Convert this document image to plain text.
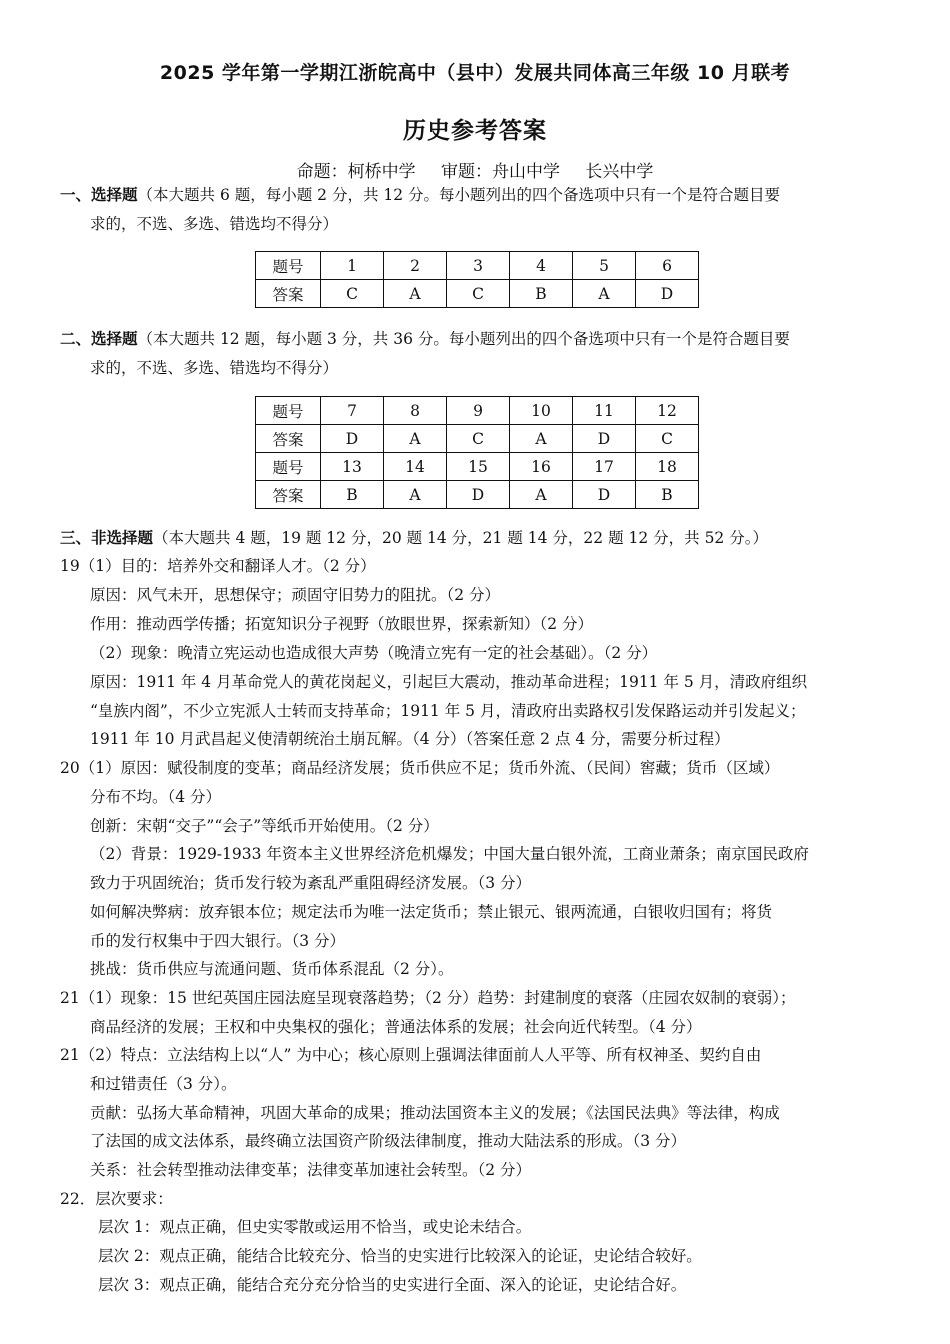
2025 学年第一学期江浙皖高中（县中）发展共同体高三年级 10 月联考
历史参考答案
命题：柯桥中学 审题：舟山中学 长兴中学
一、选择题（本大题共 6 题，每小题 2 分，共 12 分。每小题列出的四个备选项中只有一个是符合题目要
求的，不选、多选、错选均不得分）
题号	1	2	3	4	5	6
答案	C	A	C	B	A	D
二、选择题（本大题共 12 题，每小题 3 分，共 36 分。每小题列出的四个备选项中只有一个是符合题目要
求的，不选、多选、错选均不得分）
题号	7	8	9	10	11	12
答案	D	A	C	A	D	C
题号	13	14	15	16	17	18
答案	B	A	D	A	D	B
三、非选择题（本大题共 4 题，19 题 12 分，20 题 14 分，21 题 14 分，22 题 12 分，共 52 分。）
19（1）目的：培养外交和翻译人才。（2 分）
原因：风气未开，思想保守；顽固守旧势力的阻扰。（2 分）
作用：推动西学传播；拓宽知识分子视野（放眼世界，探索新知）（2 分）
（2）现象：晚清立宪运动也造成很大声势（晚清立宪有一定的社会基础）。（2 分）
原因：1911 年 4 月革命党人的黄花岗起义，引起巨大震动，推动革命进程；1911 年 5 月，清政府组织
“皇族内阁”，不少立宪派人士转而支持革命；1911 年 5 月，清政府出卖路权引发保路运动并引发起义；
1911 年 10 月武昌起义使清朝统治土崩瓦解。（4 分）（答案任意 2 点 4 分，需要分析过程）
20（1）原因：赋役制度的变革；商品经济发展；货币供应不足；货币外流、（民间）窖藏；货币（区域）
分布不均。（4 分）
创新：宋朝“交子”“会子”等纸币开始使用。（2 分）
（2）背景：1929-1933 年资本主义世界经济危机爆发；中国大量白银外流，工商业萧条；南京国民政府
致力于巩固统治；货币发行较为紊乱严重阻碍经济发展。（3 分）
如何解决弊病：放弃银本位；规定法币为唯一法定货币；禁止银元、银两流通，白银收归国有；将货
币的发行权集中于四大银行。（3 分）
挑战：货币供应与流通问题、货币体系混乱（2 分）。
21（1）现象：15 世纪英国庄园法庭呈现衰落趋势；（2 分）趋势：封建制度的衰落（庄园农奴制的衰弱）；
商品经济的发展；王权和中央集权的强化；普通法体系的发展；社会向近代转型。（4 分）
21（2）特点：立法结构上以“人” 为中心；核心原则上强调法律面前人人平等、所有权神圣、契约自由
和过错责任（3 分）。
贡献：弘扬大革命精神，巩固大革命的成果；推动法国资本主义的发展；《法国民法典》等法律，构成
了法国的成文法体系，最终确立法国资产阶级法律制度，推动大陆法系的形成。（3 分）
关系：社会转型推动法律变革；法律变革加速社会转型。（2 分）
22．层次要求：
层次 1：观点正确，但史实零散或运用不恰当，或史论未结合。
层次 2：观点正确，能结合比较充分、恰当的史实进行比较深入的论证，史论结合较好。
层次 3：观点正确，能结合充分充分恰当的史实进行全面、深入的论证，史论结合好。
